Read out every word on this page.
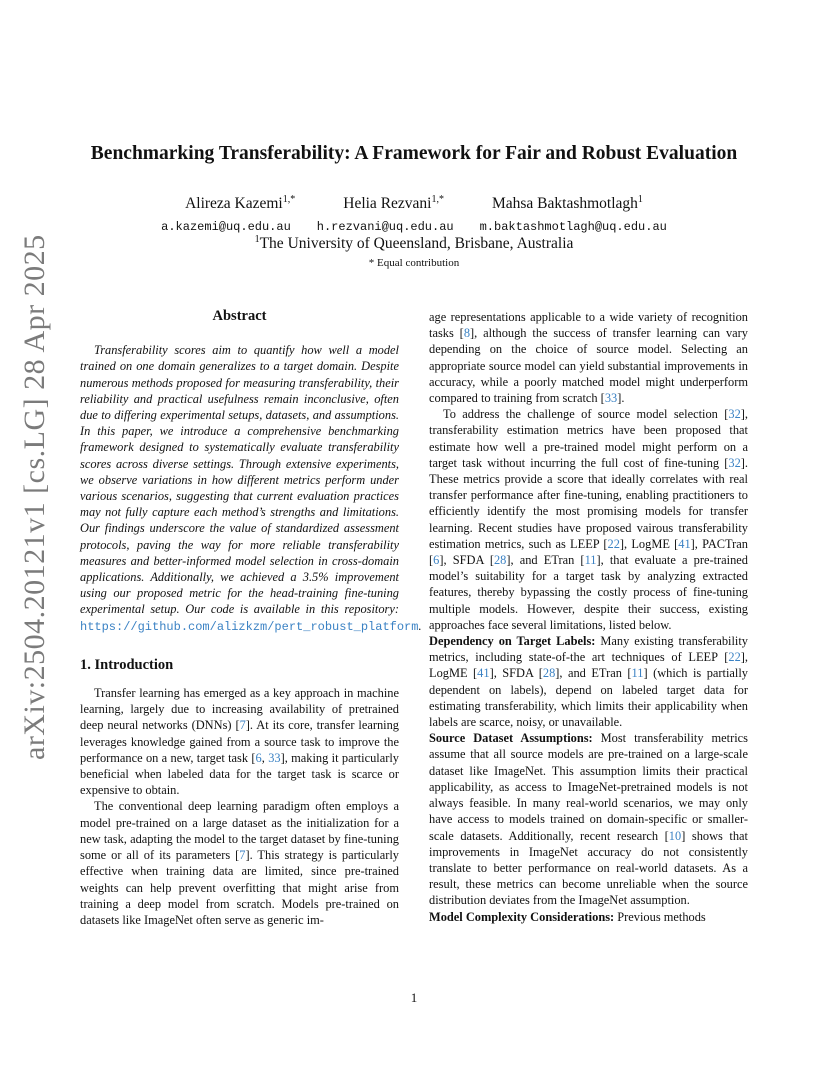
arXiv:2504.20121v1 [cs.LG] 28 Apr 2025
Benchmarking Transferability: A Framework for Fair and Robust Evaluation
Alireza Kazemi$^{1,*}$	Helia Rezvani$^{1,*}$	Mahsa Baktashmotlagh$^1$
a.kazemi@uq.edu.au h.rezvani@uq.edu.au m.baktashmotlagh@uq.edu.au
$^1$The University of Queensland, Brisbane, Australia
* Equal contribution
Abstract

Transferability scores aim to quantify how well a model trained on one domain generalizes to a target domain. Despite numerous methods proposed for measuring transferability, their reliability and practical usefulness remain inconclusive, often due to differing experimental setups, datasets, and assumptions. In this paper, we introduce a comprehensive benchmarking framework designed to systematically evaluate transferability scores across diverse settings. Through extensive experiments, we observe variations in how different metrics perform under various scenarios, suggesting that current evaluation practices may not fully capture each method’s strengths and limitations. Our findings underscore the value of standardized assessment protocols, paving the way for more reliable transferability measures and better-informed model selection in cross-domain applications. Additionally, we achieved a 3.5% improvement using our proposed metric for the head-training fine-tuning experimental setup. Our code is available in this repository: https://github.com/alizkzm/pert_robust_platform.

1. Introduction

Transfer learning has emerged as a key approach in machine learning, largely due to increasing availability of pretrained deep neural networks (DNNs) [7]. At its core, transfer learning leverages knowledge gained from a source task to improve the performance on a new, target task [6, 33], making it particularly beneficial when labeled data for the target task is scarce or expensive to obtain.

The conventional deep learning paradigm often employs a model pre-trained on a large dataset as the initialization for a new task, adapting the model to the target dataset by fine-tuning some or all of its parameters [7]. This strategy is particularly effective when training data are limited, since pre-trained weights can help prevent overfitting that might arise from training a deep model from scratch. Models pre-trained on datasets like ImageNet often serve as generic im-

age representations applicable to a wide variety of recognition tasks [8], although the success of transfer learning can vary depending on the choice of source model. Selecting an appropriate source model can yield substantial improvements in accuracy, while a poorly matched model might underperform compared to training from scratch [33].

To address the challenge of source model selection [32], transferability estimation metrics have been proposed that estimate how well a pre-trained model might perform on a target task without incurring the full cost of fine-tuning [32]. These metrics provide a score that ideally correlates with real transfer performance after fine-tuning, enabling practitioners to efficiently identify the most promising models for transfer learning. Recent studies have proposed vairous transferability estimation metrics, such as LEEP [22], LogME [41], PACTran [6], SFDA [28], and ETran [11], that evaluate a pre-trained model’s suitability for a target task by analyzing extracted features, thereby bypassing the costly process of fine-tuning multiple models. However, despite their success, existing approaches face several limitations, listed below.

Dependency on Target Labels: Many existing transferability metrics, including state-of-the art techniques of LEEP [22], LogME [41], SFDA [28], and ETran [11] (which is partially dependent on labels), depend on labeled target data for estimating transferability, which limits their applicability when labels are scarce, noisy, or unavailable.

Source Dataset Assumptions: Most transferability metrics assume that all source models are pre-trained on a large-scale dataset like ImageNet. This assumption limits their practical applicability, as access to ImageNet-pretrained models is not always feasible. In many real-world scenarios, we may only have access to models trained on domain-specific or smaller-scale datasets. Additionally, recent research [10] shows that improvements in ImageNet accuracy do not consistently translate to better performance on real-world datasets. As a result, these metrics can become unreliable when the source distribution deviates from the ImageNet assumption.

Model Complexity Considerations: Previous methods

1
